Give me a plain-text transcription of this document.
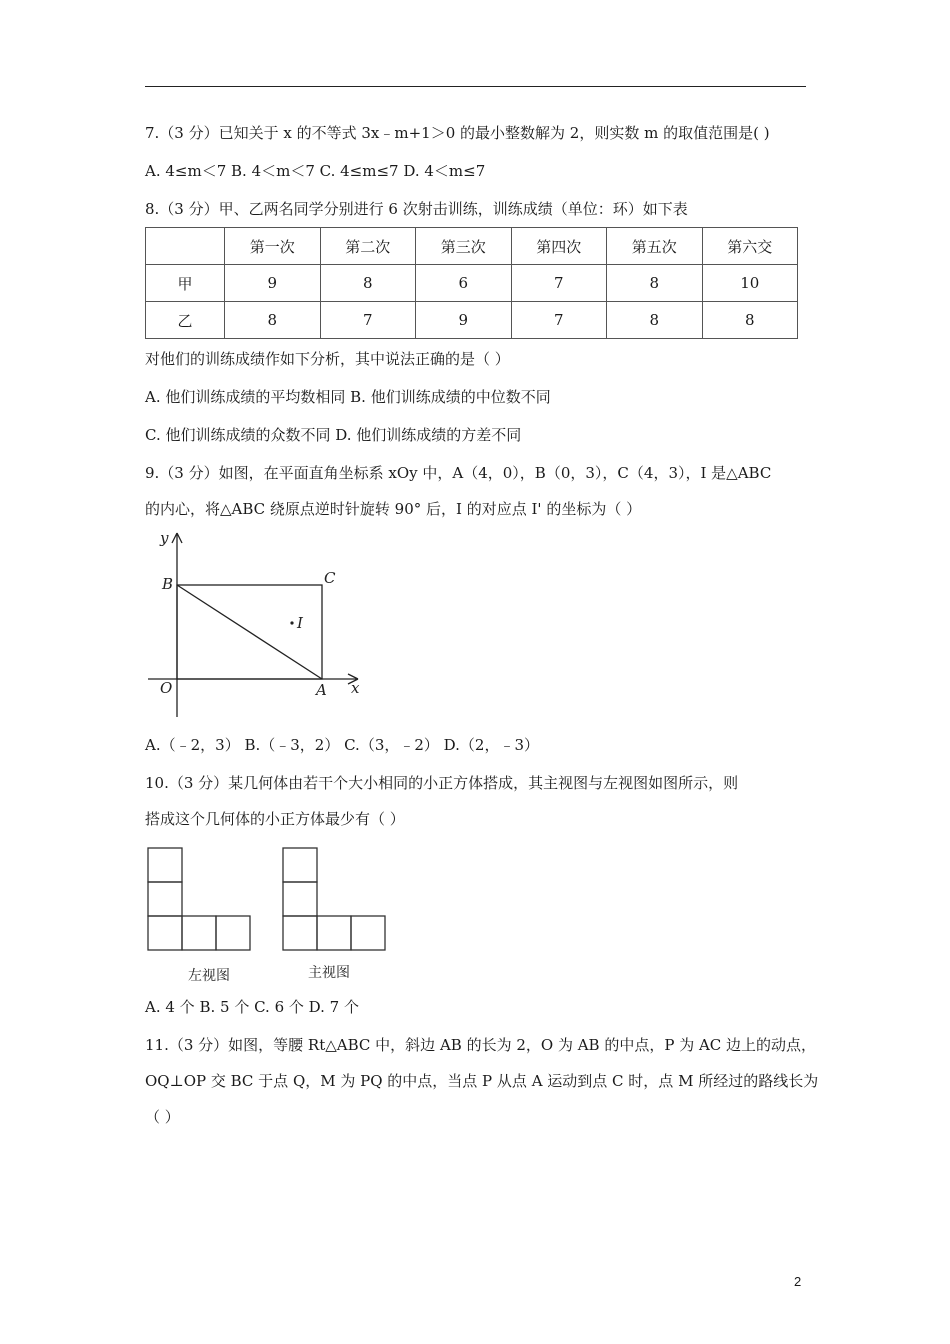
7.（3 分）已知关于 x 的不等式 3x﹣m+1＞0 的最小整数解为 2，则实数 m 的取值范围是( )
A. 4≤m＜7 B. 4＜m＜7 C. 4≤m≤7 D. 4＜m≤7
8.（3 分）甲、乙两名同学分别进行 6 次射击训练，训练成绩（单位：环）如下表
	第一次	第二次	第三次	第四次	第五次	第六交
甲	9	8	6	7	8	10
乙	8	7	9	7	8	8
对他们的训练成绩作如下分析，其中说法正确的是（ ）
A. 他们训练成绩的平均数相同 B. 他们训练成绩的中位数不同
C. 他们训练成绩的众数不同 D. 他们训练成绩的方差不同
9.（3 分）如图，在平面直角坐标系 xOy 中，A（4，0），B（0，3），C（4，3），I 是△ABC
的内心，将△ABC 绕原点逆时针旋转 90° 后，I 的对应点 I' 的坐标为（ ）
y
x
O	A
B	C
I
A.（﹣2，3） B.（﹣3，2） C.（3，﹣2） D.（2，﹣3）
10.（3 分）某几何体由若干个大小相同的小正方体搭成，其主视图与左视图如图所示，则
搭成这个几何体的小正方体最少有（ ）
左视图	主视图
A. 4 个 B. 5 个 C. 6 个 D. 7 个
11.（3 分）如图，等腰 Rt△ABC 中，斜边 AB 的长为 2，O 为 AB 的中点，P 为 AC 边上的动点，
OQ⊥OP 交 BC 于点 Q，M 为 PQ 的中点，当点 P 从点 A 运动到点 C 时，点 M 所经过的路线长为
（ ）
2
